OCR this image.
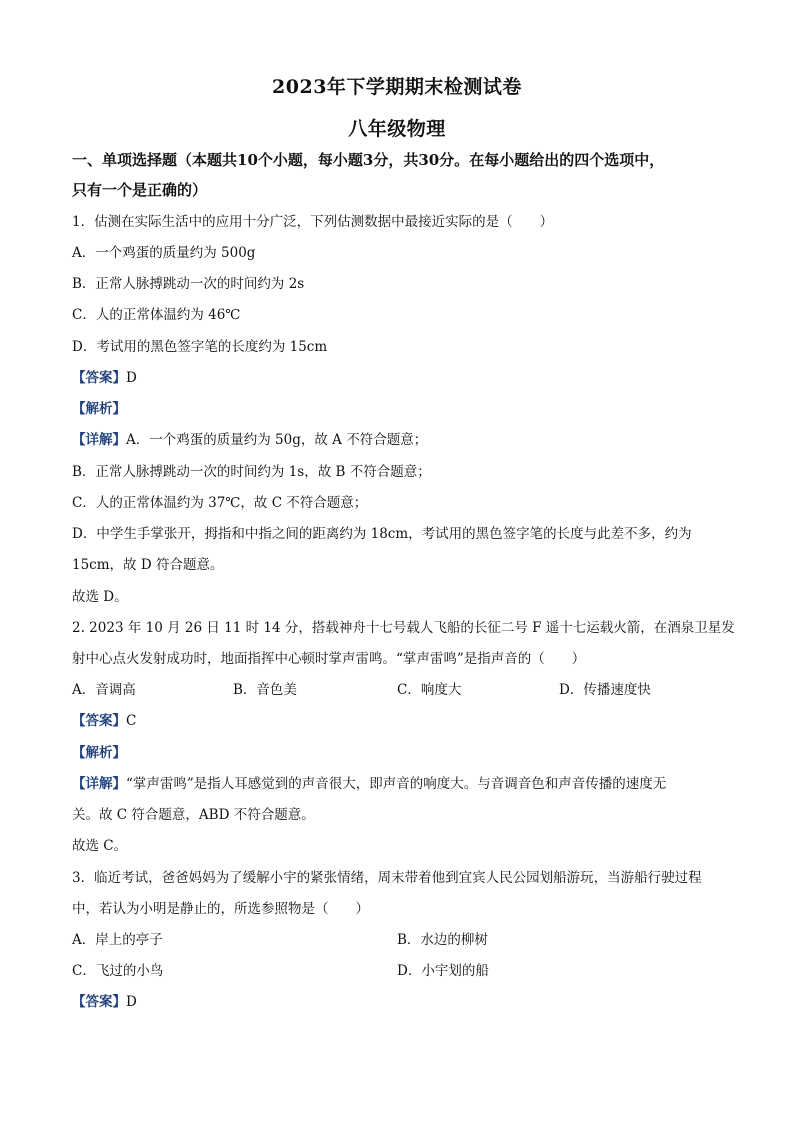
2023年下学期期末检测试卷
八年级物理
一、单项选择题（本题共10个小题，每小题3分，共30分。在每小题给出的四个选项中，
只有一个是正确的）
1．估测在实际生活中的应用十分广泛，下列估测数据中最接近实际的是（　　）
A．一个鸡蛋的质量约为 500g
B．正常人脉搏跳动一次的时间约为 2s
C．人的正常体温约为 46℃
D．考试用的黑色签字笔的长度约为 15cm
【答案】D
【解析】
【详解】A．一个鸡蛋的质量约为 50g，故 A 不符合题意；
B．正常人脉搏跳动一次的时间约为 1s，故 B 不符合题意；
C．人的正常体温约为 37℃，故 C 不符合题意；
D．中学生手掌张开，拇指和中指之间的距离约为 18cm，考试用的黑色签字笔的长度与此差不多，约为
15cm，故 D 符合题意。
故选 D。
2. 2023 年 10 月 26 日 11 时 14 分，搭载神舟十七号载人飞船的长征二号 F 遥十七运载火箭，在酒泉卫星发
射中心点火发射成功时，地面指挥中心顿时掌声雷鸣。“掌声雷鸣”是指声音的（　　）
A．音调高	B．音色美	C．响度大	D．传播速度快
【答案】C
【解析】
【详解】“掌声雷鸣”是指人耳感觉到的声音很大，即声音的响度大。与音调音色和声音传播的速度无
关。故 C 符合题意，ABD 不符合题意。
故选 C。
3．临近考试，爸爸妈妈为了缓解小宇的紧张情绪，周末带着他到宜宾人民公园划船游玩，当游船行驶过程
中，若认为小明是静止的，所选参照物是（　　）
A．岸上的亭子	B．水边的柳树
C．飞过的小鸟	D．小宇划的船
【答案】D
